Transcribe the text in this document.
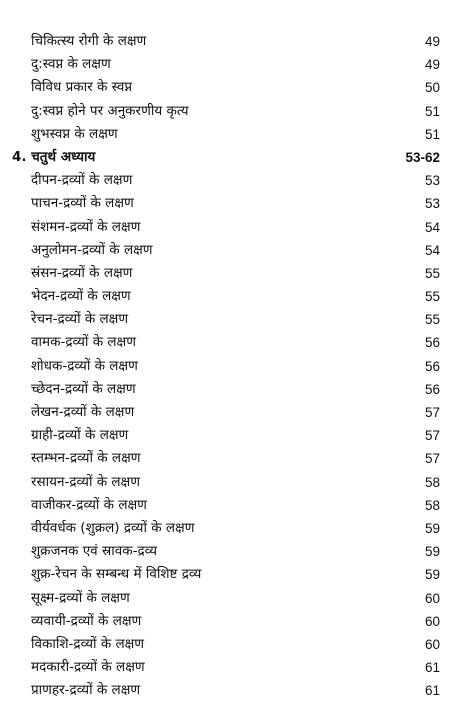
चिकित्स्य रोगी के लक्षण	49
दु:स्वप्न के लक्षण	49
विविध प्रकार के स्वप्न	50
दु:स्वप्न होने पर अनुकरणीय कृत्य	51
शुभस्वप्न के लक्षण	51
4. चतुर्थ अध्याय	53-62
दीपन-द्रव्यों के लक्षण	53
पाचन-द्रव्यों के लक्षण	53
संशमन-द्रव्यों के लक्षण	54
अनुलोमन-द्रव्यों के लक्षण	54
स्रंसन-द्रव्यों के लक्षण	55
भेदन-द्रव्यों के लक्षण	55
रेचन-द्रव्यों के लक्षण	55
वामक-द्रव्यों के लक्षण	56
शोधक-द्रव्यों के लक्षण	56
च्छेदन-द्रव्यों के लक्षण	56
लेखन-द्रव्यों के लक्षण	57
ग्राही-द्रव्यों के लक्षण	57
स्तम्भन-द्रव्यों के लक्षण	57
रसायन-द्रव्यों के लक्षण	58
वाजीकर-द्रव्यों के लक्षण	58
वीर्यवर्धक (शुक्रल) द्रव्यों के लक्षण	59
शुक्रजनक एवं स्रावक-द्रव्य	59
शुक्र-रेचन के सम्बन्ध में विशिष्ट द्रव्य	59
सूक्ष्म-द्रव्यों के लक्षण	60
व्यवायी-द्रव्यों के लक्षण	60
विकाशि-द्रव्यों के लक्षण	60
मदकारी-द्रव्यों के लक्षण	61
प्राणहर-द्रव्यों के लक्षण	61
